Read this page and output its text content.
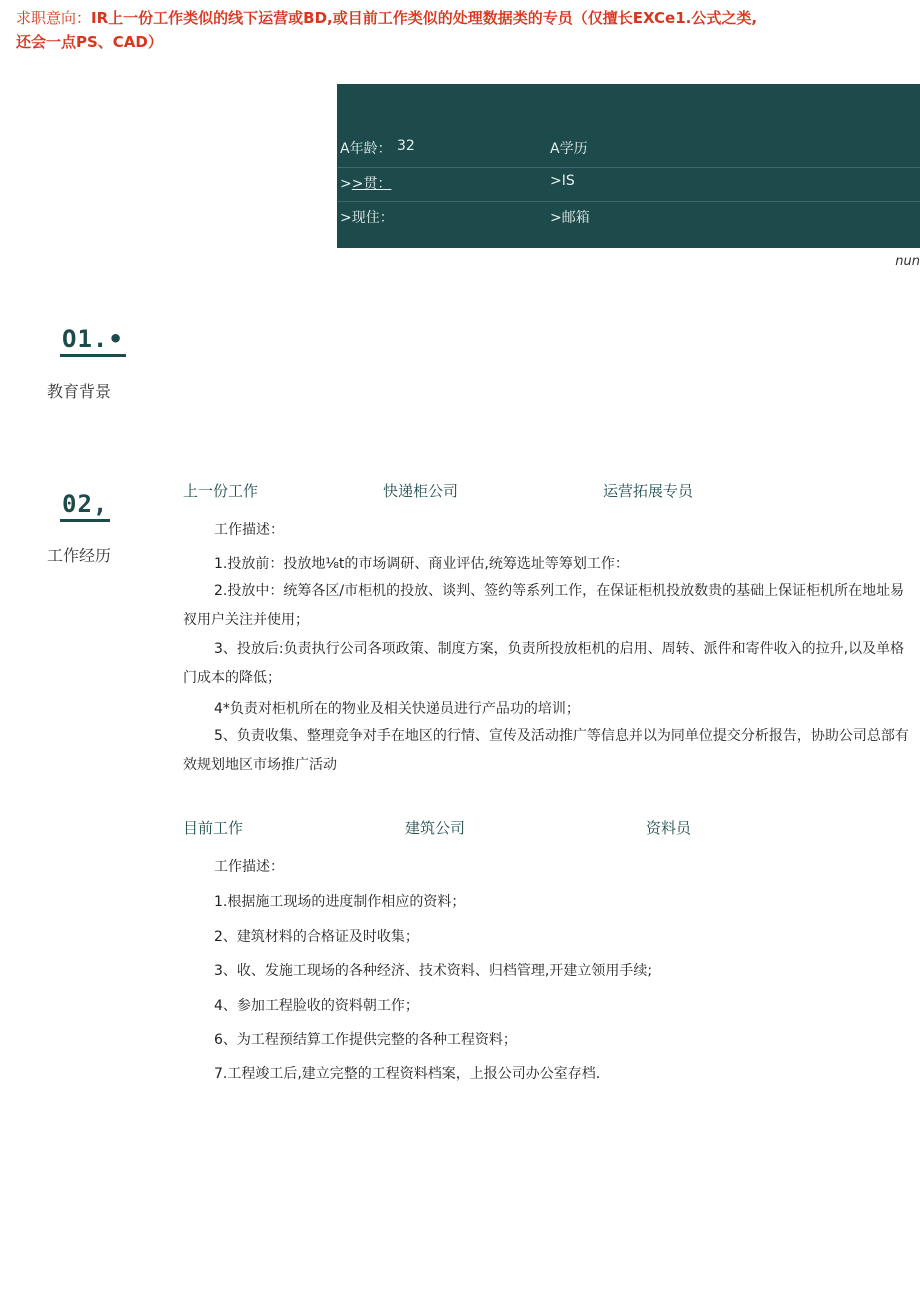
求职意向：IR上一份工作类似的线下运营或BD,或目前工作类似的处理数据类的专员（仅擅长EXCe1.公式之类,
还会一点PS、CAD）
A年龄： 32	A学历
>>贯：	>IS
>现住：	>邮箱
nun
O1.•
教育背景
02,
工作经历
上一份工作	快递柜公司	运营拓展专员
工作描述：
1.投放前：投放地⅛t的市场调研、商业评估,统筹选址等筹划工作：
2.投放中：统筹各区/市柜机的投放、谈判、签约等系列工作，在保证柜机投放数贵的基础上保证柜机所在地址易衩用户关注并使用；
3、投放后:负责执行公司各项政策、制度方案，负责所投放柜机的启用、周转、派件和寄件收入的拉升,以及单格门成本的降低；
4*负责对柜机所在的物业及相关快递员进行产品功的培训；
5、负责收集、整理竞争对手在地区的行情、宣传及活动推广等信息并以为同单位提交分析报告，协助公司总部有效规划地区市场推广活动
目前工作	建筑公司	资料员
工作描述：
1.根据施工现场的进度制作相应的资料；
2、建筑材料的合格证及时收集；
3、收、发施工现场的各种经济、技术资料、归档管理,开建立领用手续;
4、参加工程脸收的资料朝工作；
6、为工程预结算工作提供完整的各种工程资料；
7.工程竣工后,建立完整的工程资料档案，上报公司办公室存档.
